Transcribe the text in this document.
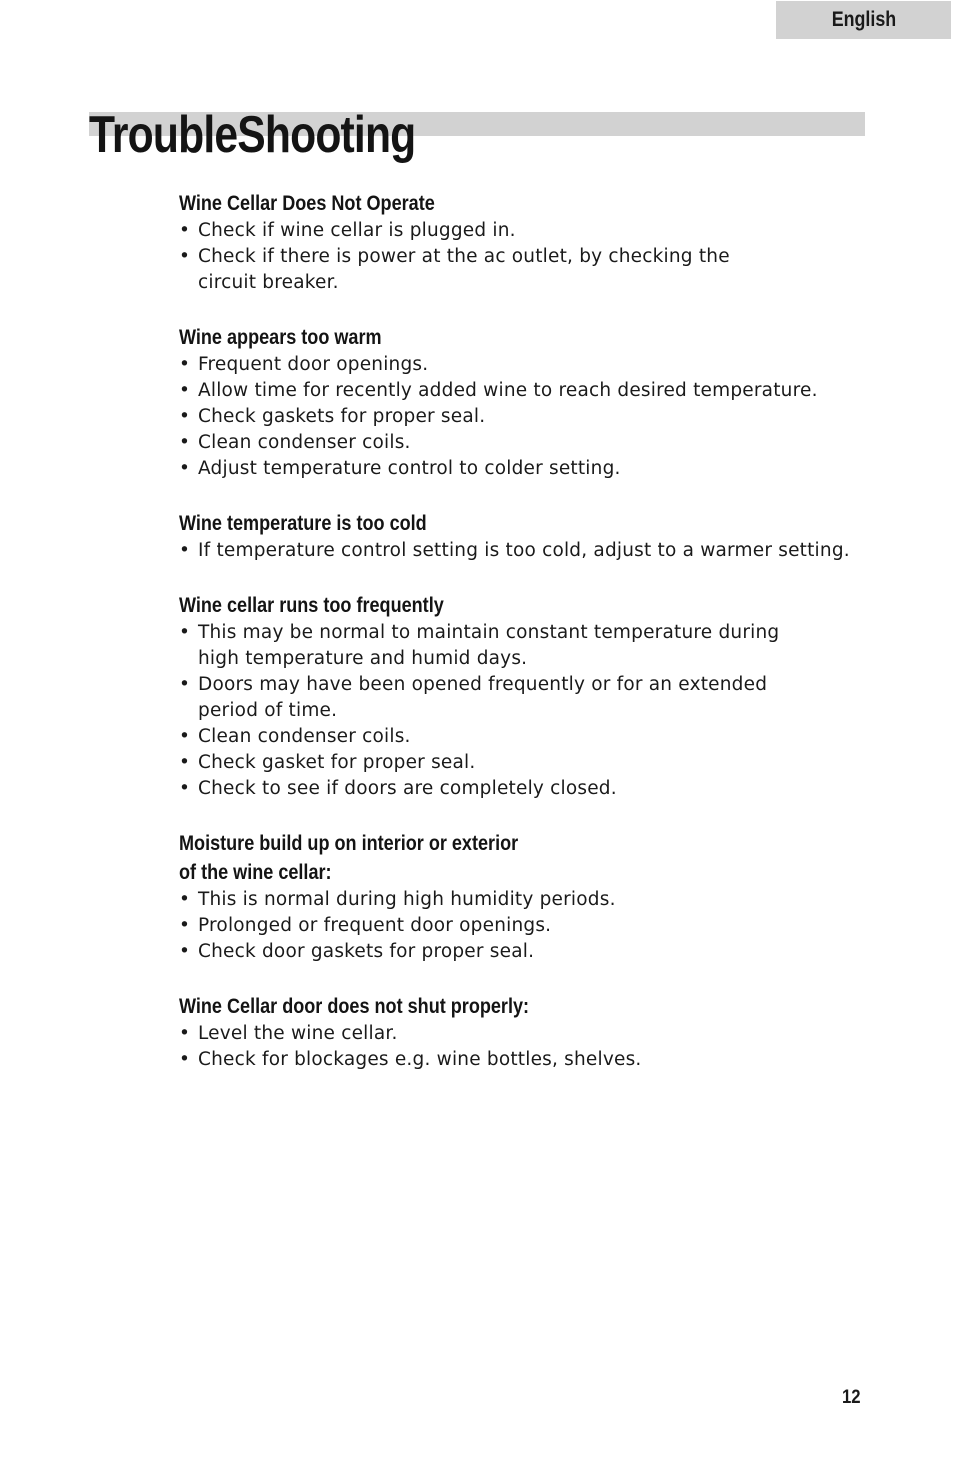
English
TroubleShooting
Wine Cellar Does Not Operate
• Check if wine cellar is plugged in.
• Check if there is power at the ac outlet, by checking the
circuit breaker.
Wine appears too warm
• Frequent door openings.
• Allow time for recently added wine to reach desired temperature.
• Check gaskets for proper seal.
• Clean condenser coils.
• Adjust temperature control to colder setting.
Wine temperature is too cold
• If temperature control setting is too cold, adjust to a warmer setting.
Wine cellar runs too frequently
• This may be normal to maintain constant temperature during
high temperature and humid days.
• Doors may have been opened frequently or for an extended
period of time.
• Clean condenser coils.
• Check gasket for proper seal.
• Check to see if doors are completely closed.
Moisture build up on interior or exterior
of the wine cellar:
• This is normal during high humidity periods.
• Prolonged or frequent door openings.
• Check door gaskets for proper seal.
Wine Cellar door does not shut properly:
• Level the wine cellar.
• Check for blockages e.g. wine bottles, shelves.
12
